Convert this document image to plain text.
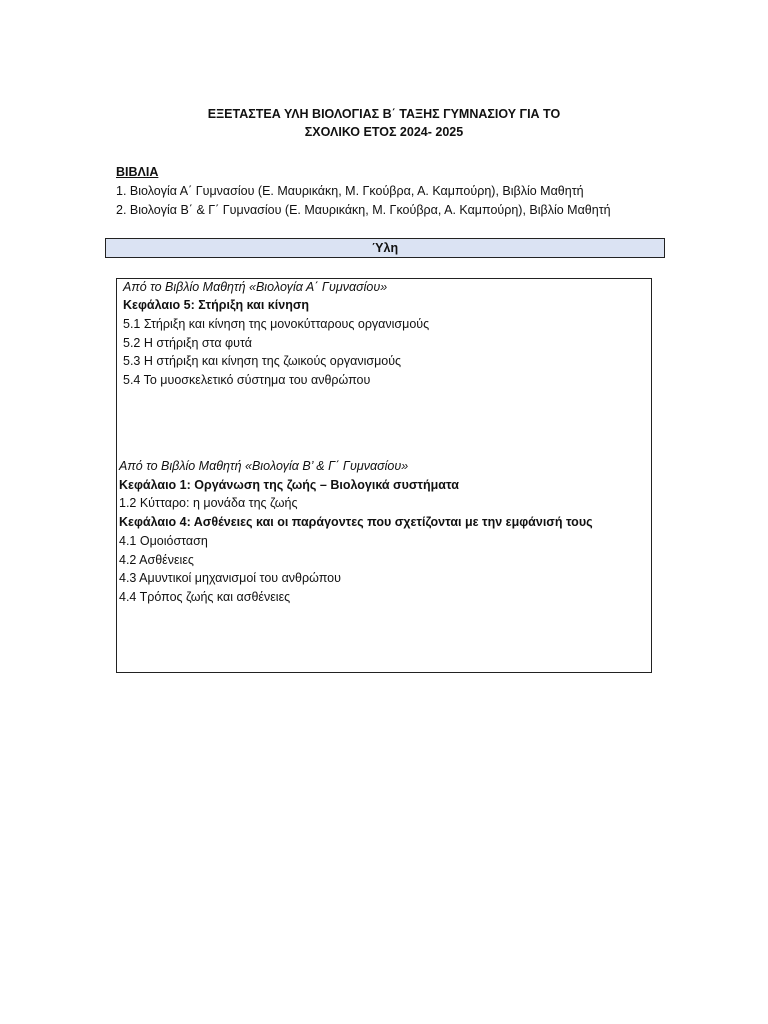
ΕΞΕΤΑΣΤΕΑ ΥΛΗ ΒΙΟΛΟΓΙΑΣ Β΄ ΤΑΞΗΣ ΓΥΜΝΑΣΙΟΥ ΓΙΑ ΤΟ
ΣΧΟΛΙΚΟ ΕΤΟΣ 2024- 2025
ΒΙΒΛΙΑ
1. Βιολογία Α΄ Γυμνασίου (Ε. Μαυρικάκη, Μ. Γκούβρα, Α. Καμπούρη), Βιβλίο Μαθητή
2. Βιολογία Β΄ & Γ΄ Γυμνασίου (Ε. Μαυρικάκη, Μ. Γκούβρα, Α. Καμπούρη), Βιβλίο Μαθητή
Ύλη
Από το Βιβλίο Μαθητή «Βιολογία Α΄ Γυμνασίου»
Κεφάλαιο 5: Στήριξη και κίνηση
5.1 Στήριξη και κίνηση της μονοκύτταρους οργανισμούς
5.2 Η στήριξη στα φυτά
5.3 Η στήριξη και κίνηση της ζωικούς οργανισμούς
5.4 Το μυοσκελετικό σύστημα του ανθρώπου
Από το Βιβλίο Μαθητή «Βιολογία Β’ & Γ΄ Γυμνασίου»
Κεφάλαιο 1: Οργάνωση της ζωής – Βιολογικά συστήματα
1.2 Κύτταρο: η μονάδα της ζωής
Κεφάλαιο 4: Ασθένειες και οι παράγοντες που σχετίζονται με την εμφάνισή τους
4.1 Ομοιόσταση
4.2 Ασθένειες
4.3 Αμυντικοί μηχανισμοί του ανθρώπου
4.4 Τρόπος ζωής και ασθένειες
